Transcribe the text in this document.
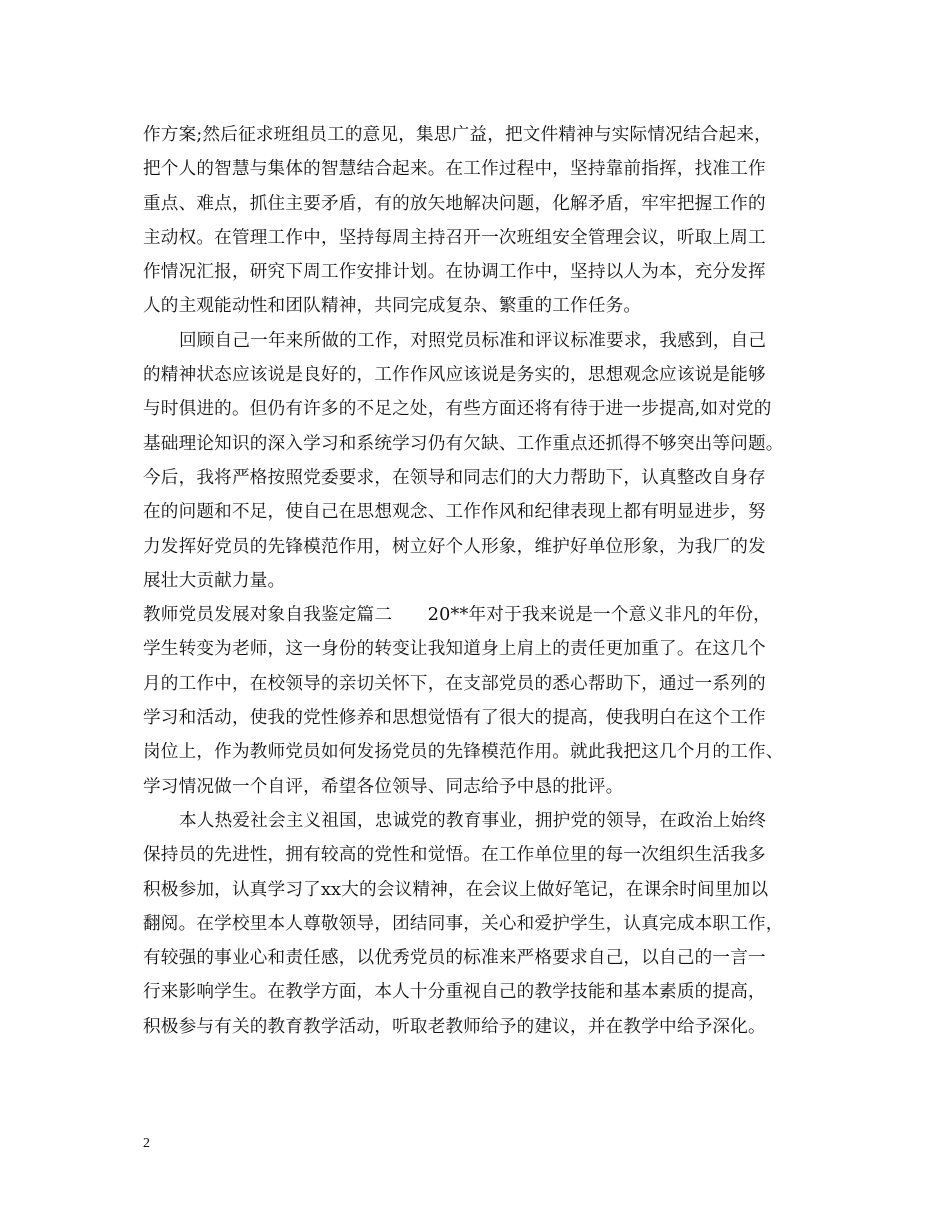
作方案;然后征求班组员工的意见，集思广益，把文件精神与实际情况结合起来，
把个人的智慧与集体的智慧结合起来。在工作过程中，坚持靠前指挥，找准工作
重点、难点，抓住主要矛盾，有的放矢地解决问题，化解矛盾，牢牢把握工作的
主动权。在管理工作中，坚持每周主持召开一次班组安全管理会议，听取上周工
作情况汇报，研究下周工作安排计划。在协调工作中，坚持以人为本，充分发挥
人的主观能动性和团队精神，共同完成复杂、繁重的工作任务。
回顾自己一年来所做的工作，对照党员标准和评议标准要求，我感到，自己
的精神状态应该说是良好的，工作作风应该说是务实的，思想观念应该说是能够
与时俱进的。但仍有许多的不足之处，有些方面还将有待于进一步提高,如对党的
基础理论知识的深入学习和系统学习仍有欠缺、工作重点还抓得不够突出等问题。
今后，我将严格按照党委要求，在领导和同志们的大力帮助下，认真整改自身存
在的问题和不足，使自己在思想观念、工作作风和纪律表现上都有明显进步，努
力发挥好党员的先锋模范作用，树立好个人形象，维护好单位形象，为我厂的发
展壮大贡献力量。
教师党员发展对象自我鉴定篇二　　20**年对于我来说是一个意义非凡的年份，
学生转变为老师，这一身份的转变让我知道身上肩上的责任更加重了。在这几个
月的工作中，在校领导的亲切关怀下，在支部党员的悉心帮助下，通过一系列的
学习和活动，使我的党性修养和思想觉悟有了很大的提高，使我明白在这个工作
岗位上，作为教师党员如何发扬党员的先锋模范作用。就此我把这几个月的工作、
学习情况做一个自评，希望各位领导、同志给予中恳的批评。
本人热爱社会主义祖国，忠诚党的教育事业，拥护党的领导，在政治上始终
保持员的先进性，拥有较高的党性和觉悟。在工作单位里的每一次组织生活我多
积极参加，认真学习了xx大的会议精神，在会议上做好笔记，在课余时间里加以
翻阅。在学校里本人尊敬领导，团结同事，关心和爱护学生，认真完成本职工作，
有较强的事业心和责任感，以优秀党员的标准来严格要求自己，以自己的一言一
行来影响学生。在教学方面，本人十分重视自己的教学技能和基本素质的提高，
积极参与有关的教育教学活动，听取老教师给予的建议，并在教学中给予深化。
2
